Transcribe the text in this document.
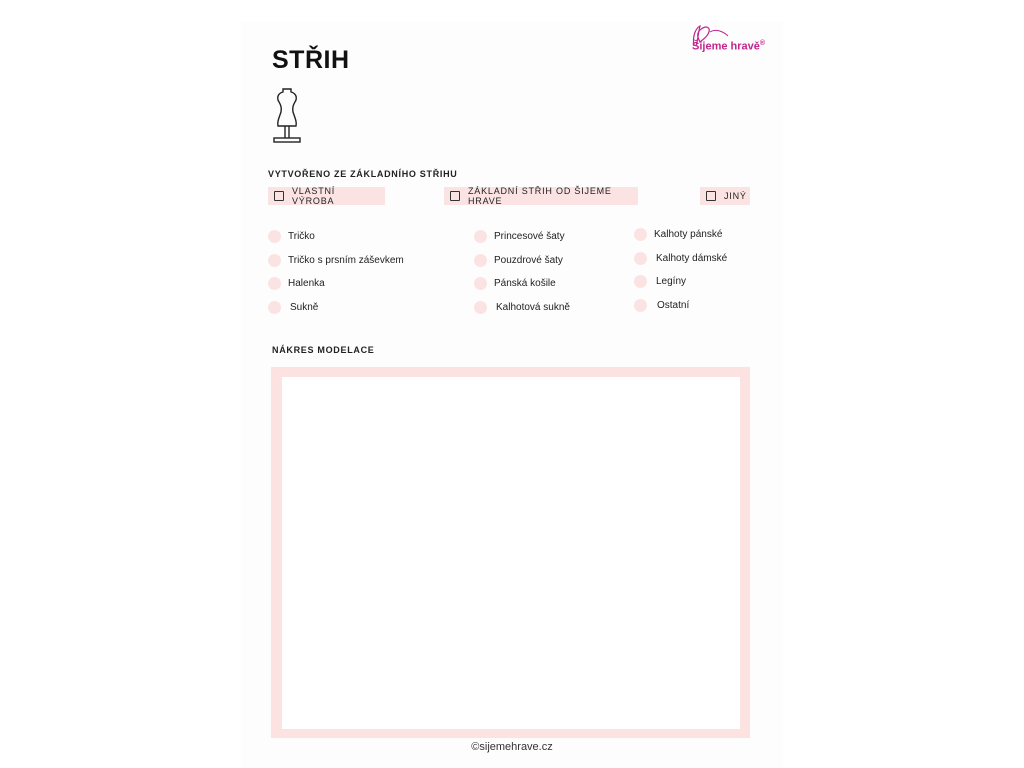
STŘIH	Šijeme hravě®
VYTVOŘENO ZE ZÁKLADNÍHO STŘIHU
VLASTNÍ VÝROBA
ZÁKLADNÍ STŘIH OD ŠIJEME HRAVE	JINÝ
Tričko
Tričko s prsním záševkem
Halenka
Sukně
Princesové šaty
Pouzdrové šaty
Pánská košile
Kalhotová sukně
Kalhoty pánské
Kalhoty dámské
Legíny
Ostatní
NÁKRES MODELACE
©sijemehrave.cz
